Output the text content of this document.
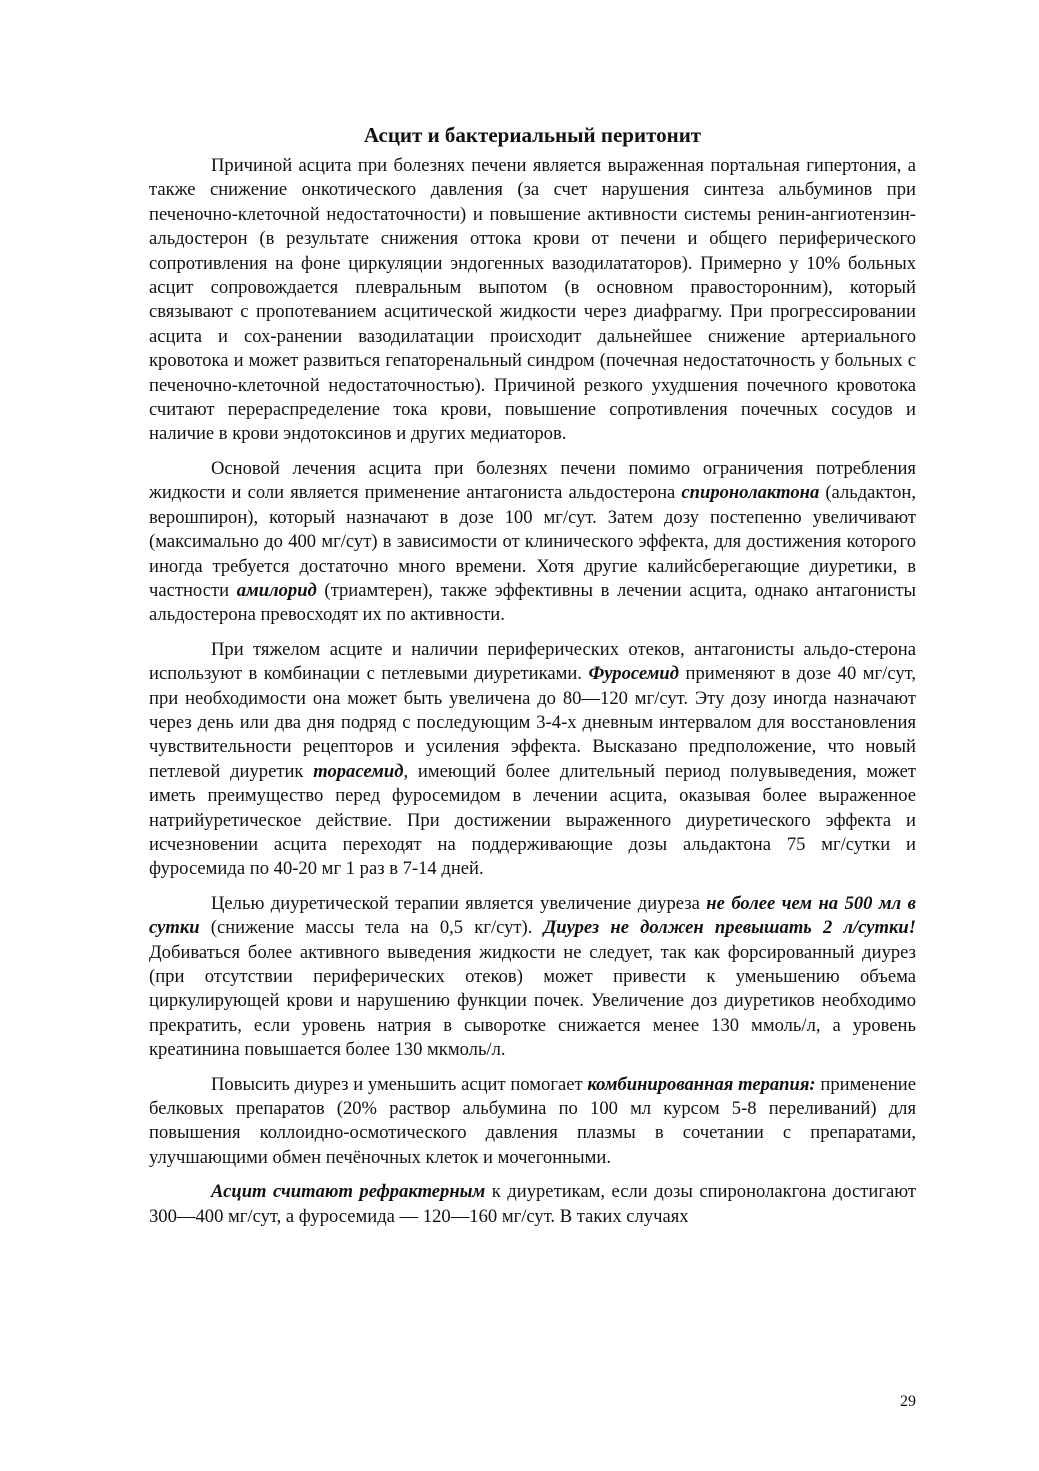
Асцит и бактериальный перитонит

Причиной асцита при болезнях печени является выраженная портальная гипертония, а также снижение онкотического давления (за счет нарушения синтеза альбуминов при печеночно-клеточной недостаточности) и повышение активности системы ренин-ангиотензин-альдостерон (в результате снижения оттока крови от печени и общего периферического сопротивления на фоне циркуляции эндогенных вазодилататоров). Примерно у 10% больных асцит сопровождается плевральным выпотом (в основном правосторонним), который связывают с пропотеванием асцитической жидкости через диафрагму. При прогрессировании асцита и сох-ранении вазодилатации происходит дальнейшее снижение артериального кровотока и может развиться гепаторенальный синдром (почечная недостаточность у больных с печеночно-клеточной недостаточностью). Причиной резкого ухудшения почечного кровотока считают перераспределение тока крови, повышение сопротивления почечных сосудов и наличие в крови эндотоксинов и других медиаторов.

Основой лечения асцита при болезнях печени помимо ограничения потребления жидкости и соли является применение антагониста альдостерона спиронолактона (альдактон, верошпирон), который назначают в дозе 100 мг/сут. Затем дозу постепенно увеличивают (максимально до 400 мг/сут) в зависимости от клинического эффекта, для достижения которого иногда требуется достаточно много времени. Хотя другие калийсберегающие диуретики, в частности амилорид (триамтерен), также эффективны в лечении асцита, однако антагонисты альдостерона превосходят их по активности.

При тяжелом асците и наличии периферических отеков, антагонисты альдо-стерона используют в комбинации с петлевыми диуретиками. Фуросемид применяют в дозе 40 мг/сут, при необходимости она может быть увеличена до 80—120 мг/сут. Эту дозу иногда назначают через день или два дня подряд с последующим 3-4-х дневным интервалом для восстановления чувствительности рецепторов и усиления эффекта. Высказано предположение, что новый петлевой диуретик торасемид, имеющий более длительный период полувыведения, может иметь преимущество перед фуросемидом в лечении асцита, оказывая более выраженное натрийуретическое действие. При достижении выраженного диуретического эффекта и исчезновении асцита переходят на поддерживающие дозы альдактона 75 мг/сутки и фуросемида по 40-20 мг 1 раз в 7-14 дней.

Целью диуретической терапии является увеличение диуреза не более чем на 500 мл в сутки (снижение массы тела на 0,5 кг/сут). Диурез не должен превышать 2 л/сутки! Добиваться более активного выведения жидкости не следует, так как форсированный диурез (при отсутствии периферических отеков) может привести к уменьшению объема циркулирующей крови и нарушению функции почек. Увеличение доз диуретиков необходимо прекратить, если уровень натрия в сыворотке снижается менее 130 ммоль/л, а уровень креатинина повышается более 130 мкмоль/л.

Повысить диурез и уменьшить асцит помогает комбинированная терапия: применение белковых препаратов (20% раствор альбумина по 100 мл курсом 5-8 переливаний) для повышения коллоидно-осмотического давления плазмы в сочетании с препаратами, улучшающими обмен печёночных клеток и мочегонными.

Асцит считают рефрактерным к диуретикам, если дозы спиронолакгона достигают 300—400 мг/сут, а фуросемида — 120—160 мг/сут. В таких случаях

29
